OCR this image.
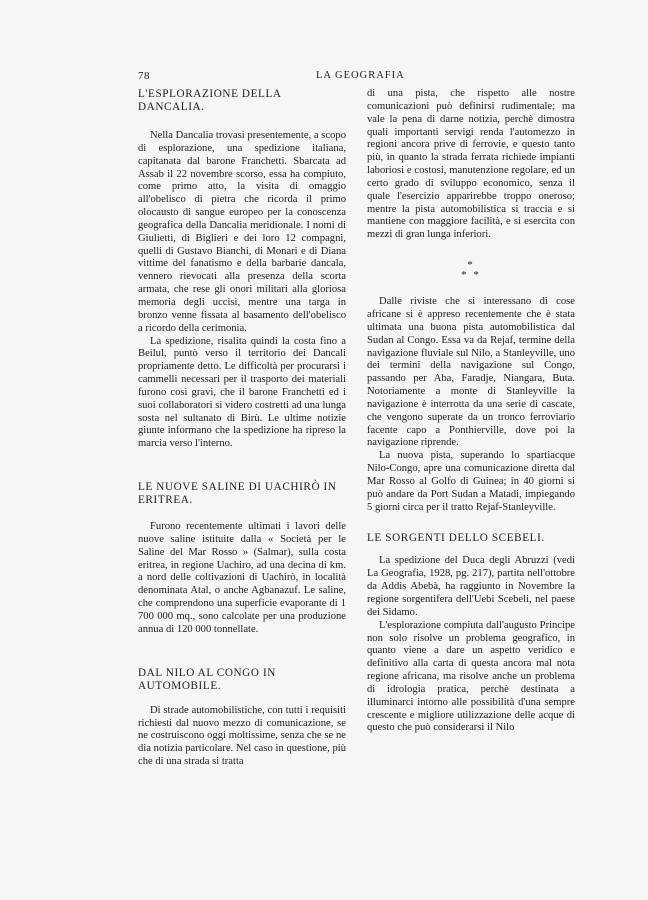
78	LA GEOGRAFIA
L'ESPLORAZIONE DELLA DANCALIA.

Nella Dancalia trovasi presentemente, a scopo di esplorazione, una spedizione italiana, capitanata dal barone Franchetti. Sbarcata ad Assab il 22 novembre scorso, essa ha compiuto, come primo atto, la visita di omaggio all'obelisco di pietra che ricorda il primo olocausto di sangue europeo per la conoscenza geografica della Dancalia meridionale. I nomi di Giulietti, di Biglieri e dei loro 12 compagni, quelli di Gustavo Bianchi, di Monari e di Diana vittime del fanatismo e della barbarie dancala, vennero rievocati alla presenza della scorta armata, che rese gli onori militari alla gloriosa memoria degli uccisi, mentre una targa in bronzo venne fissata al basamento dell'obelisco a ricordo della cerimonia.

La spedizione, risalita quindi la costa fino a Beilul, puntò verso il territorio dei Dancali propriamente detto. Le difficoltà per procurarsi i cammelli necessari per il trasporto dei materiali furono così gravi, che il barone Franchetti ed i suoi collaboratori si videro costretti ad una lunga sosta nel sultanato di Birù. Le ultime notizie giunte informano che la spedizione ha ripreso la marcia verso l'interno.

LE NUOVE SALINE DI UACHIRÒ IN ERITREA.

Furono recentemente ultimati i lavori delle nuove saline istituite dalla « Società per le Saline del Mar Rosso » (Salmar), sulla costa eritrea, in regione Uachiro, ad una decina di km. a nord delle coltivazioni di Uachirò, in località denominata Atal, o anche Agbanazuf. Le saline, che comprendono una superficie evaporante di 1 700 000 mq., sono calcolate per una produzione annua di 120 000 tonnellate.

DAL NILO AL CONGO IN AUTOMOBILE.

Di strade automobilistiche, con tutti i requisiti richiesti dal nuovo mezzo di comunicazione, se ne costruiscono oggi moltissime, senza che se ne dia notizia particolare. Nel caso in questione, più che di una strada si tratta

di una pista, che rispetto alle nostre comunicazioni può definirsi rudimentale; ma vale la pena di darne notizia, perchè dimostra quali importanti servigi renda l'automezzo in regioni ancora prive di ferrovie, e questo tanto più, in quanto la strada ferrata richiede impianti laboriosi e costosi, manutenzione regolare, ed un certo grado di sviluppo economico, senza il quale l'esercizio apparirebbe troppo oneroso; mentre la pista automobilistica si traccia e si mantiene con maggiore facilità, e si esercita con mezzi di gran lunga inferiori.

*
* *

Dalle riviste che si interessano di cose africane si è appreso recentemente che è stata ultimata una buona pista automobilistica dal Sudan al Congo. Essa va da Rejaf, termine della navigazione fluviale sul Nilo, a Stanleyville, uno dei termini della navigazione sul Congo, passando per Aba, Faradje, Niangara, Buta. Notoriamente a monte di Stanleyville la navigazione è interrotta da una serie di cascate, che vengono superate da un tronco ferroviario facente capo a Ponthierville, dove poi la navigazione riprende.

La nuova pista, superando lo spartiacque Nilo-Congo, apre una comunicazione diretta dal Mar Rosso al Golfo di Guinea; in 40 giorni si può andare da Port Sudan a Matadi, impiegando 5 giorni circa per il tratto Rejaf-Stanleyville.

LE SORGENTI DELLO SCEBELI.

La spedizione del Duca degli Abruzzi (vedi La Geografia, 1928, pg. 217), partita nell'ottobre da Addis Abebà, ha raggiunto in Novembre la regione sorgentifera dell'Uebi Scebeli, nel paese dei Sidamo.

L'esplorazione compiuta dall'augusto Principe non solo risolve un problema geografico, in quanto viene a dare un aspetto veridico e definitivo alla carta di questa ancora mal nota regione africana, ma risolve anche un problema di idrologia pratica, perchè destinata a illuminarci intorno alle possibilità d'una sempre crescente e migliore utilizzazione delle acque di questo che può considerarsi il Nilo
